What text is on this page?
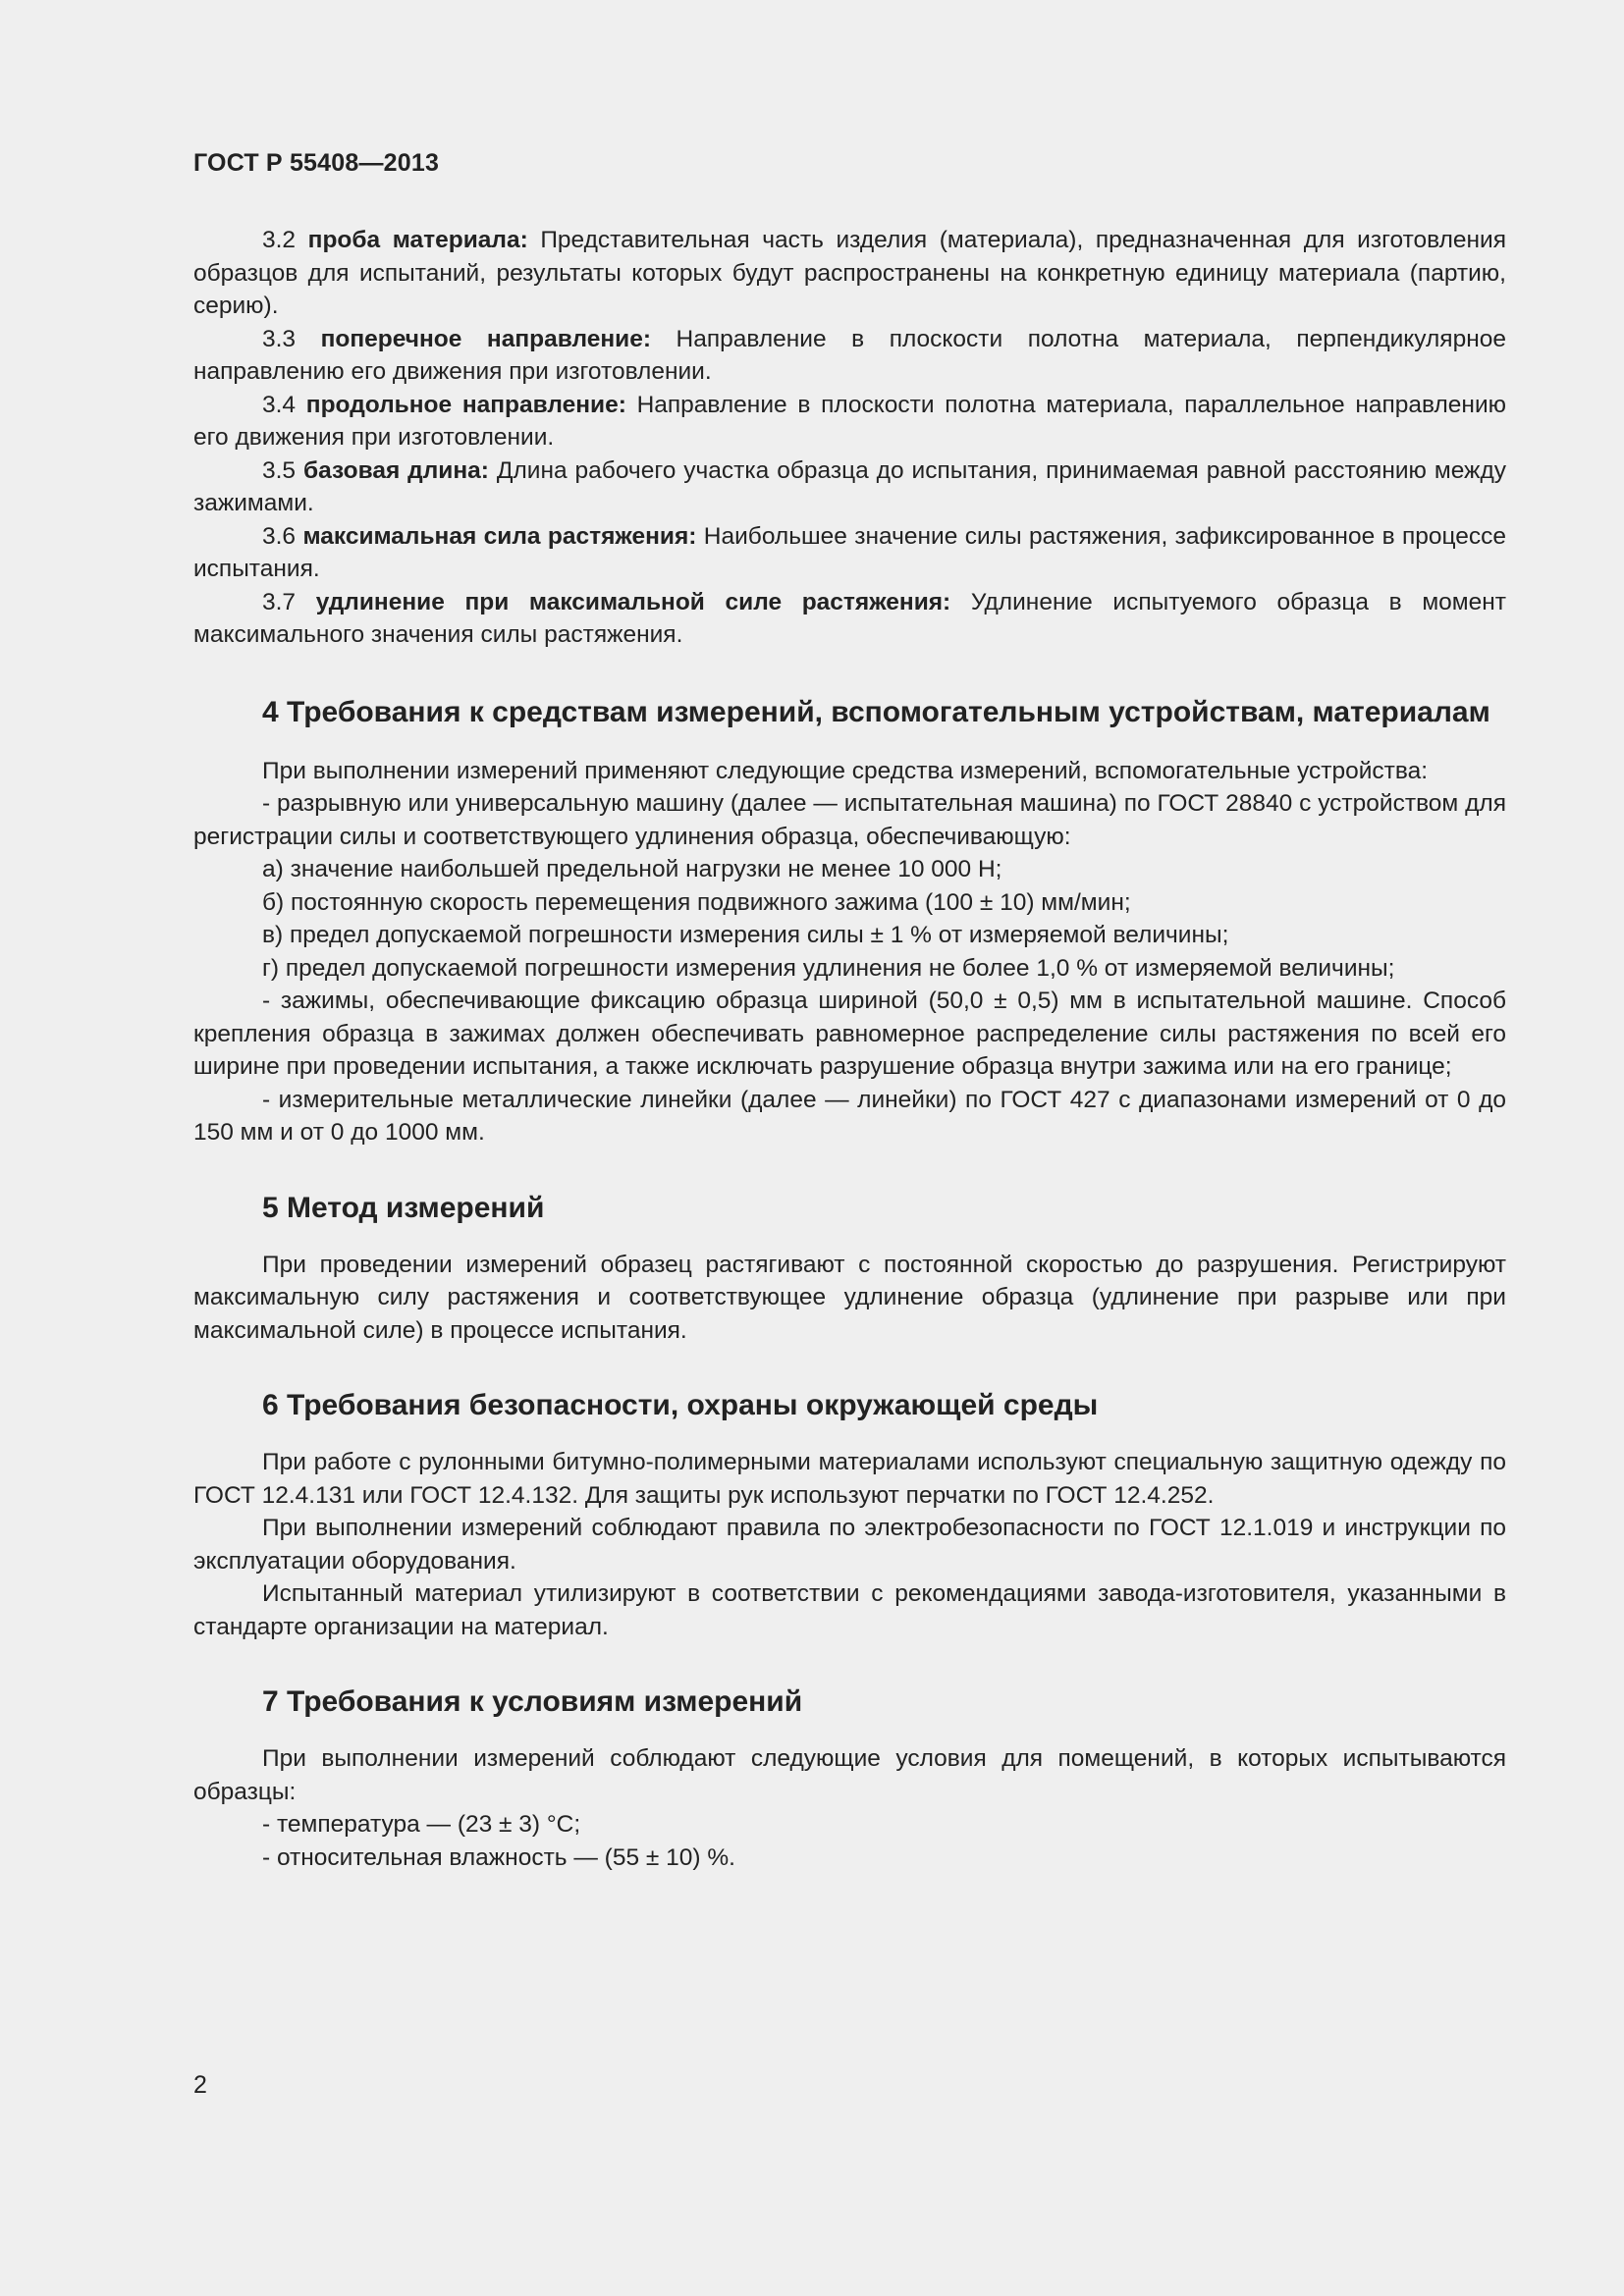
ГОСТ Р 55408—2013

3.2 проба материала: Представительная часть изделия (материала), предназначенная для изготовления образцов для испытаний, результаты которых будут распространены на конкретную единицу материала (партию, серию).

3.3 поперечное направление: Направление в плоскости полотна материала, перпендикулярное направлению его движения при изготовлении.

3.4 продольное направление: Направление в плоскости полотна материала, параллельное направлению его движения при изготовлении.

3.5 базовая длина: Длина рабочего участка образца до испытания, принимаемая равной расстоянию между зажимами.

3.6 максимальная сила растяжения: Наибольшее значение силы растяжения, зафиксированное в процессе испытания.

3.7 удлинение при максимальной силе растяжения: Удлинение испытуемого образца в момент максимального значения силы растяжения.

4 Требования к средствам измерений, вспомогательным устройствам, материалам

При выполнении измерений применяют следующие средства измерений, вспомогательные устройства:

- разрывную или универсальную машину (далее — испытательная машина) по ГОСТ 28840 с устройством для регистрации силы и соответствующего удлинения образца, обеспечивающую:

а) значение наибольшей предельной нагрузки не менее 10 000 Н;

б) постоянную скорость перемещения подвижного зажима (100 ± 10) мм/мин;

в) предел допускаемой погрешности измерения силы ± 1 % от измеряемой величины;

г) предел допускаемой погрешности измерения удлинения не более 1,0 % от измеряемой величины;

- зажимы, обеспечивающие фиксацию образца шириной (50,0 ± 0,5) мм в испытательной машине. Способ крепления образца в зажимах должен обеспечивать равномерное распределение силы растяжения по всей его ширине при проведении испытания, а также исключать разрушение образца внутри зажима или на его границе;

- измерительные металлические линейки (далее — линейки) по ГОСТ 427 с диапазонами измерений от 0 до 150 мм и от 0 до 1000 мм.

5 Метод измерений

При проведении измерений образец растягивают с постоянной скоростью до разрушения. Регистрируют максимальную силу растяжения и соответствующее удлинение образца (удлинение при разрыве или при максимальной силе) в процессе испытания.

6 Требования безопасности, охраны окружающей среды

При работе с рулонными битумно-полимерными материалами используют специальную защитную одежду по ГОСТ 12.4.131 или ГОСТ 12.4.132. Для защиты рук используют перчатки по ГОСТ 12.4.252.

При выполнении измерений соблюдают правила по электробезопасности по ГОСТ 12.1.019 и инструкции по эксплуатации оборудования.

Испытанный материал утилизируют в соответствии с рекомендациями завода-изготовителя, указанными в стандарте организации на материал.

7 Требования к условиям измерений

При выполнении измерений соблюдают следующие условия для помещений, в которых испытываются образцы:

- температура — (23 ± 3) °С;

- относительная влажность — (55 ± 10) %.

2
